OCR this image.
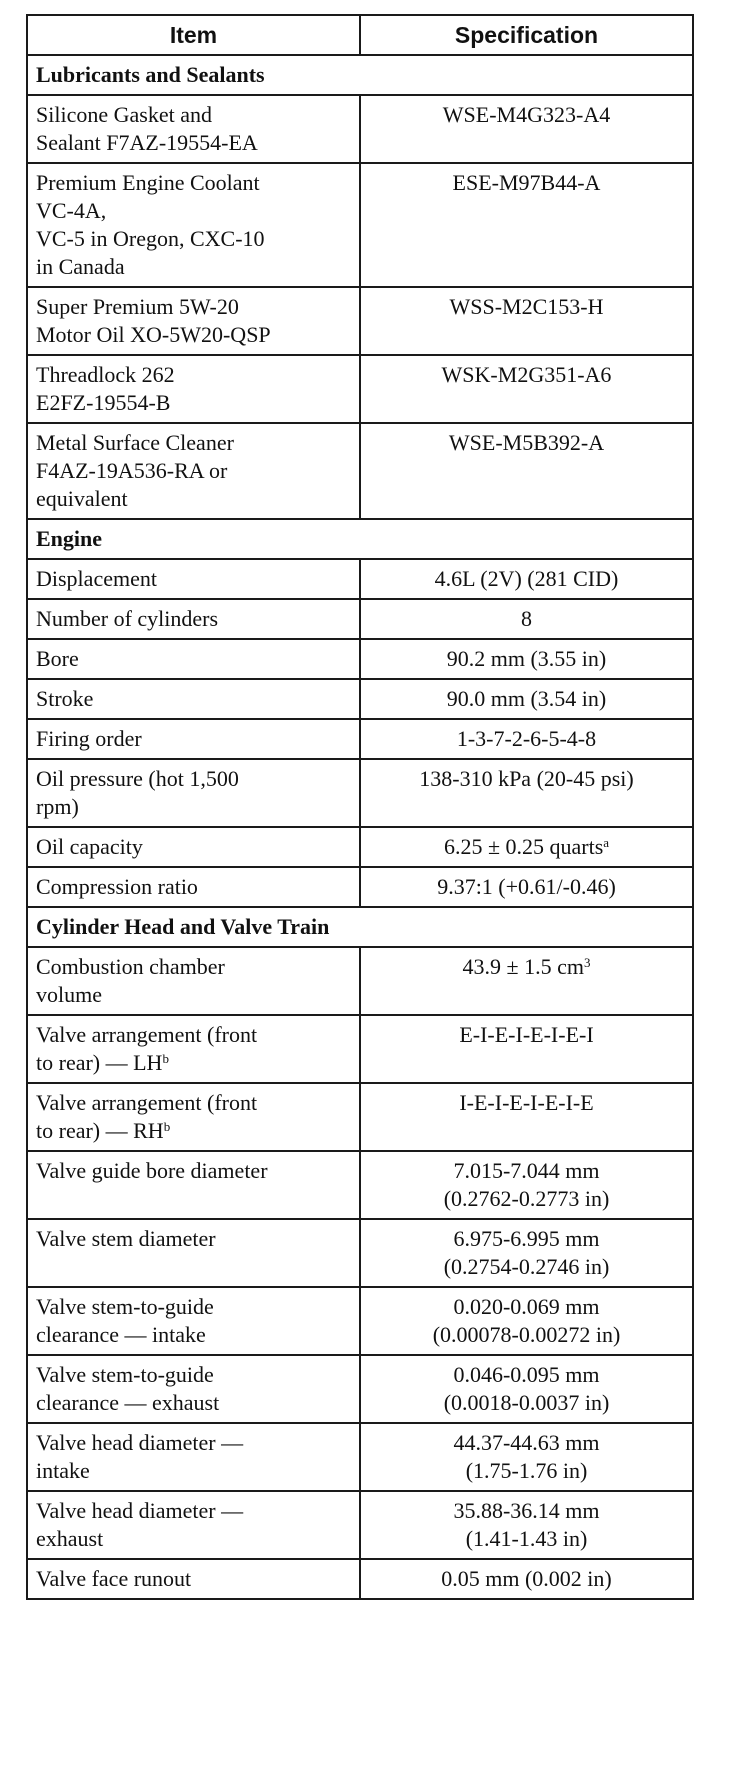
Item	Specification
Lubricants and Sealants	

Silicone Gasket and
Sealant F7AZ-19554-EA	WSE-M4G323-A4

Premium Engine Coolant
VC-4A,
VC-5 in Oregon, CXC-10
in Canada	ESE-M97B44-A

Super Premium 5W-20
Motor Oil XO-5W20-QSP	WSS-M2C153-H

Threadlock 262
E2FZ-19554-B	WSK-M2G351-A6

Metal Surface Cleaner
F4AZ-19A536-RA or
equivalent	WSE-M5B392-A

Engine	

Displacement	4.6L (2V) (281 CID)

Number of cylinders	8

Bore	90.2 mm (3.55 in)

Stroke	90.0 mm (3.54 in)

Firing order	1-3-7-2-6-5-4-8

Oil pressure (hot 1,500
rpm)	138-310 kPa (20-45 psi)

Oil capacity	6.25 ± 0.25 quarts$^a$

Compression ratio	9.37:1 (+0.61/-0.46)

Cylinder Head and Valve Train	

Combustion chamber
volume	43.9 ± 1.5 $cm^3$

Valve arrangement (front
to rear) — $LH^b$	E-I-E-I-E-I-E-I

Valve arrangement (front
to rear) — $RH^b$	I-E-I-E-I-E-I-E

Valve guide bore diameter	7.015-7.044 mm
(0.2762-0.2773 in)

Valve stem diameter	6.975-6.995 mm
(0.2754-0.2746 in)

Valve stem-to-guide
clearance — intake	0.020-0.069 mm
(0.00078-0.00272 in)

Valve stem-to-guide
clearance — exhaust	0.046-0.095 mm
(0.0018-0.0037 in)

Valve head diameter —
intake	44.37-44.63 mm
(1.75-1.76 in)

Valve head diameter —
exhaust	35.88-36.14 mm
(1.41-1.43 in)

Valve face runout	0.05 mm (0.002 in)
